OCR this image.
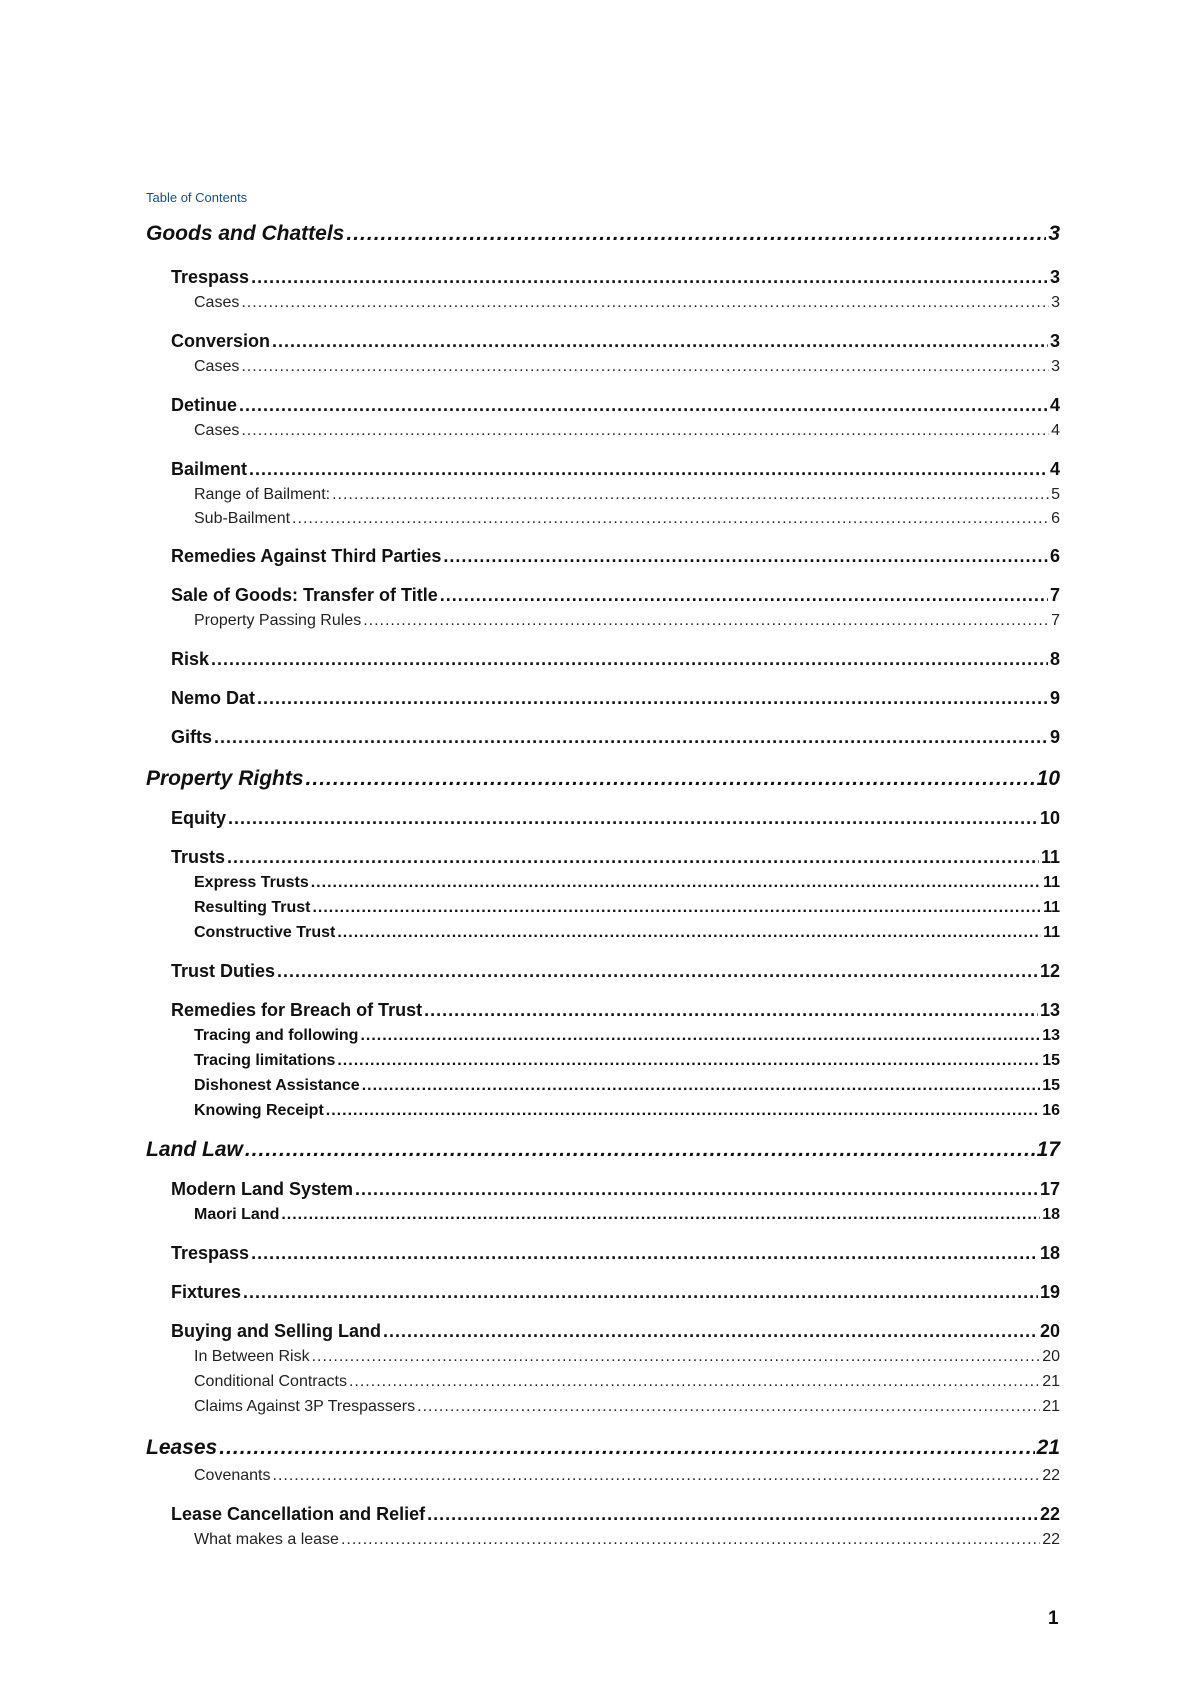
Table of Contents
Goods and Chattels .....	3
Trespass .....	3
Cases .....	3
Conversion .....	3
Cases .....	3
Detinue .....	4
Cases .....	4
Bailment .....	4
Range of Bailment: .....	5
Sub-Bailment .....	6
Remedies Against Third Parties .....	6
Sale of Goods: Transfer of Title .....	7
Property Passing Rules .....	7
Risk .....	8
Nemo Dat .....	9
Gifts .....	9
Property Rights .....	10
Equity .....	10
Trusts .....	11
Express Trusts .....	11
Resulting Trust .....	11
Constructive Trust .....	11
Trust Duties .....	12
Remedies for Breach of Trust .....	13
Tracing and following .....	13
Tracing limitations .....	15
Dishonest Assistance .....	15
Knowing Receipt .....	16
Land Law .....	17
Modern Land System .....	17
Maori Land .....	18
Trespass .....	18
Fixtures .....	19
Buying and Selling Land .....	20
In Between Risk .....	20
Conditional Contracts .....	21
Claims Against 3P Trespassers .....	21
Leases .....	21
Covenants .....	22
Lease Cancellation and Relief .....	22
What makes a lease .....	22
1
